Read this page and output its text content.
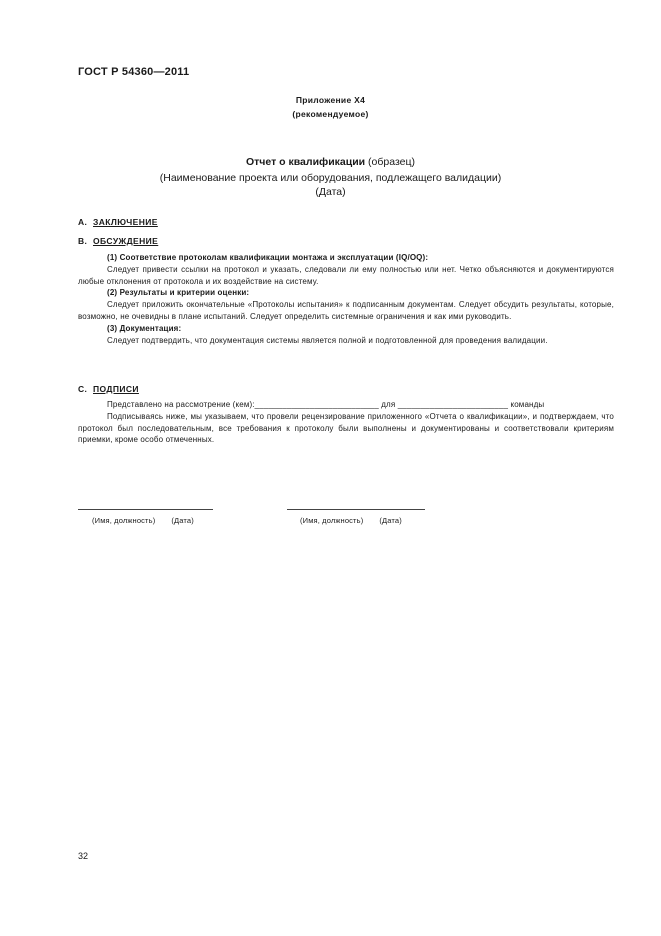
ГОСТ Р 54360—2011
Приложение X4
(рекомендуемое)
Отчет о квалификации (образец)
(Наименование проекта или оборудования, подлежащего валидации)
(Дата)
А. ЗАКЛЮЧЕНИЕ
В. ОБСУЖДЕНИЕ

(1) Соответствие протоколам квалификации монтажа и эксплуатации (IQ/OQ):

Следует привести ссылки на протокол и указать, следовали ли ему полностью или нет. Четко объясняются и документируются любые отклонения от протокола и их воздействие на систему.

(2) Результаты и критерии оценки:

Следует приложить окончательные «Протоколы испытания» к подписанным документам. Следует обсудить результаты, которые, возможно, не очевидны в плане испытаний. Следует определить системные ограничения и как ими руководить.

(3) Документация:

Следует подтвердить, что документация системы является полной и подготовленной для проведения валидации.

С. ПОДПИСИ

Представлено на рассмотрение (кем):___________________________ для ________________________ команды

Подписываясь ниже, мы указываем, что провели рецензирование приложенного «Отчета о квалификации», и подтверждаем, что протокол был последовательным, все требования к протоколу были выполнены и документированы и соответствовали критериям приемки, кроме особо отмеченных.

(Имя, должность) (Дата)	(Имя, должность) (Дата)
32
